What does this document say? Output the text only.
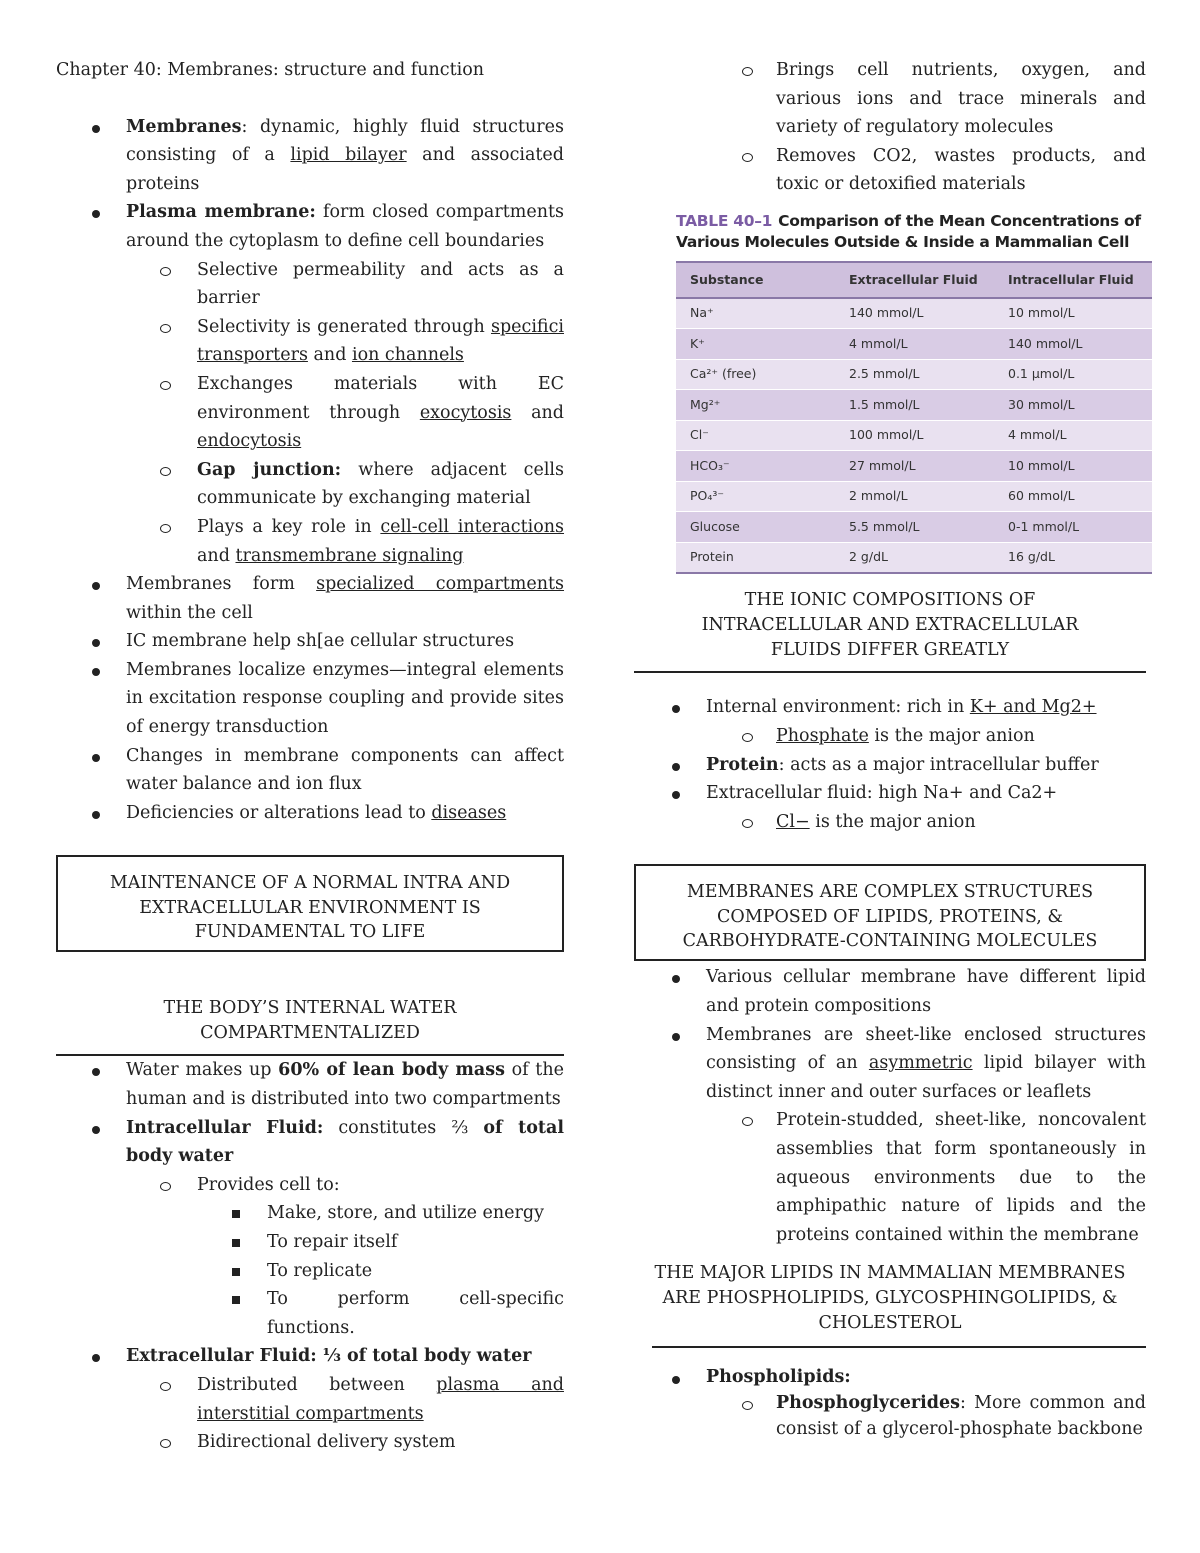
Chapter 40: Membranes: structure and function
Membranes: dynamic, highly fluid structures consisting of a lipid bilayer and associated proteins
Plasma membrane: form closed compartments around the cytoplasm to define cell boundaries
Selective permeability and acts as a barrier
Selectivity is generated through specifici transporters and ion channels
Exchanges materials with EC environment through exocytosis and endocytosis
Gap junction: where adjacent cells communicate by exchanging material
Plays a key role in cell-cell interactions and transmembrane signaling
Membranes form specialized compartments within the cell
IC membrane help sh[ae cellular structures
Membranes localize enzymes—integral elements in excitation response coupling and provide sites of energy transduction
Changes in membrane components can affect water balance and ion flux
Deficiencies or alterations lead to diseases
MAINTENANCE OF A NORMAL INTRA AND EXTRACELLULAR ENVIRONMENT IS FUNDAMENTAL TO LIFE
THE BODY’S INTERNAL WATER COMPARTMENTALIZED
Water makes up 60% of lean body mass of the human and is distributed into two compartments
Intracellular Fluid: constitutes ⅔ of total body water
Provides cell to:
Make, store, and utilize energy
To repair itself
To replicate
To perform cell-specific functions.
Extracellular Fluid: ⅓ of total body water
Distributed between plasma and interstitial compartments
Bidirectional delivery system
Brings cell nutrients, oxygen, and various ions and trace minerals and variety of regulatory molecules
Removes CO2, wastes products, and toxic or detoxified materials
TABLE 40–1 Comparison of the Mean Concentrations of Various Molecules Outside & Inside a Mammalian Cell
Substance	Extracellular Fluid	Intracellular Fluid
Na⁺	140 mmol/L	10 mmol/L
K⁺	4 mmol/L	140 mmol/L
Ca²⁺ (free)	2.5 mmol/L	0.1 μmol/L
Mg²⁺	1.5 mmol/L	30 mmol/L
Cl⁻	100 mmol/L	4 mmol/L
HCO₃⁻	27 mmol/L	10 mmol/L
PO₄³⁻	2 mmol/L	60 mmol/L
Glucose	5.5 mmol/L	0-1 mmol/L
Protein	2 g/dL	16 g/dL
THE IONIC COMPOSITIONS OF INTRACELLULAR AND EXTRACELLULAR FLUIDS DIFFER GREATLY
Internal environment: rich in K+ and Mg2+
Phosphate is the major anion
Protein: acts as a major intracellular buffer
Extracellular fluid: high Na+ and Ca2+
Cl− is the major anion
MEMBRANES ARE COMPLEX STRUCTURES COMPOSED OF LIPIDS, PROTEINS, & CARBOHYDRATE-CONTAINING MOLECULES
Various cellular membrane have different lipid and protein compositions
Membranes are sheet-like enclosed structures consisting of an asymmetric lipid bilayer with distinct inner and outer surfaces or leaflets
Protein-studded, sheet-like, noncovalent assemblies that form spontaneously in aqueous environments due to the amphipathic nature of lipids and the proteins contained within the membrane
THE MAJOR LIPIDS IN MAMMALIAN MEMBRANES ARE PHOSPHOLIPIDS, GLYCOSPHINGOLIPIDS, & CHOLESTEROL
Phospholipids:
Phosphoglycerides: More common and consist of a glycerol-phosphate backbone
